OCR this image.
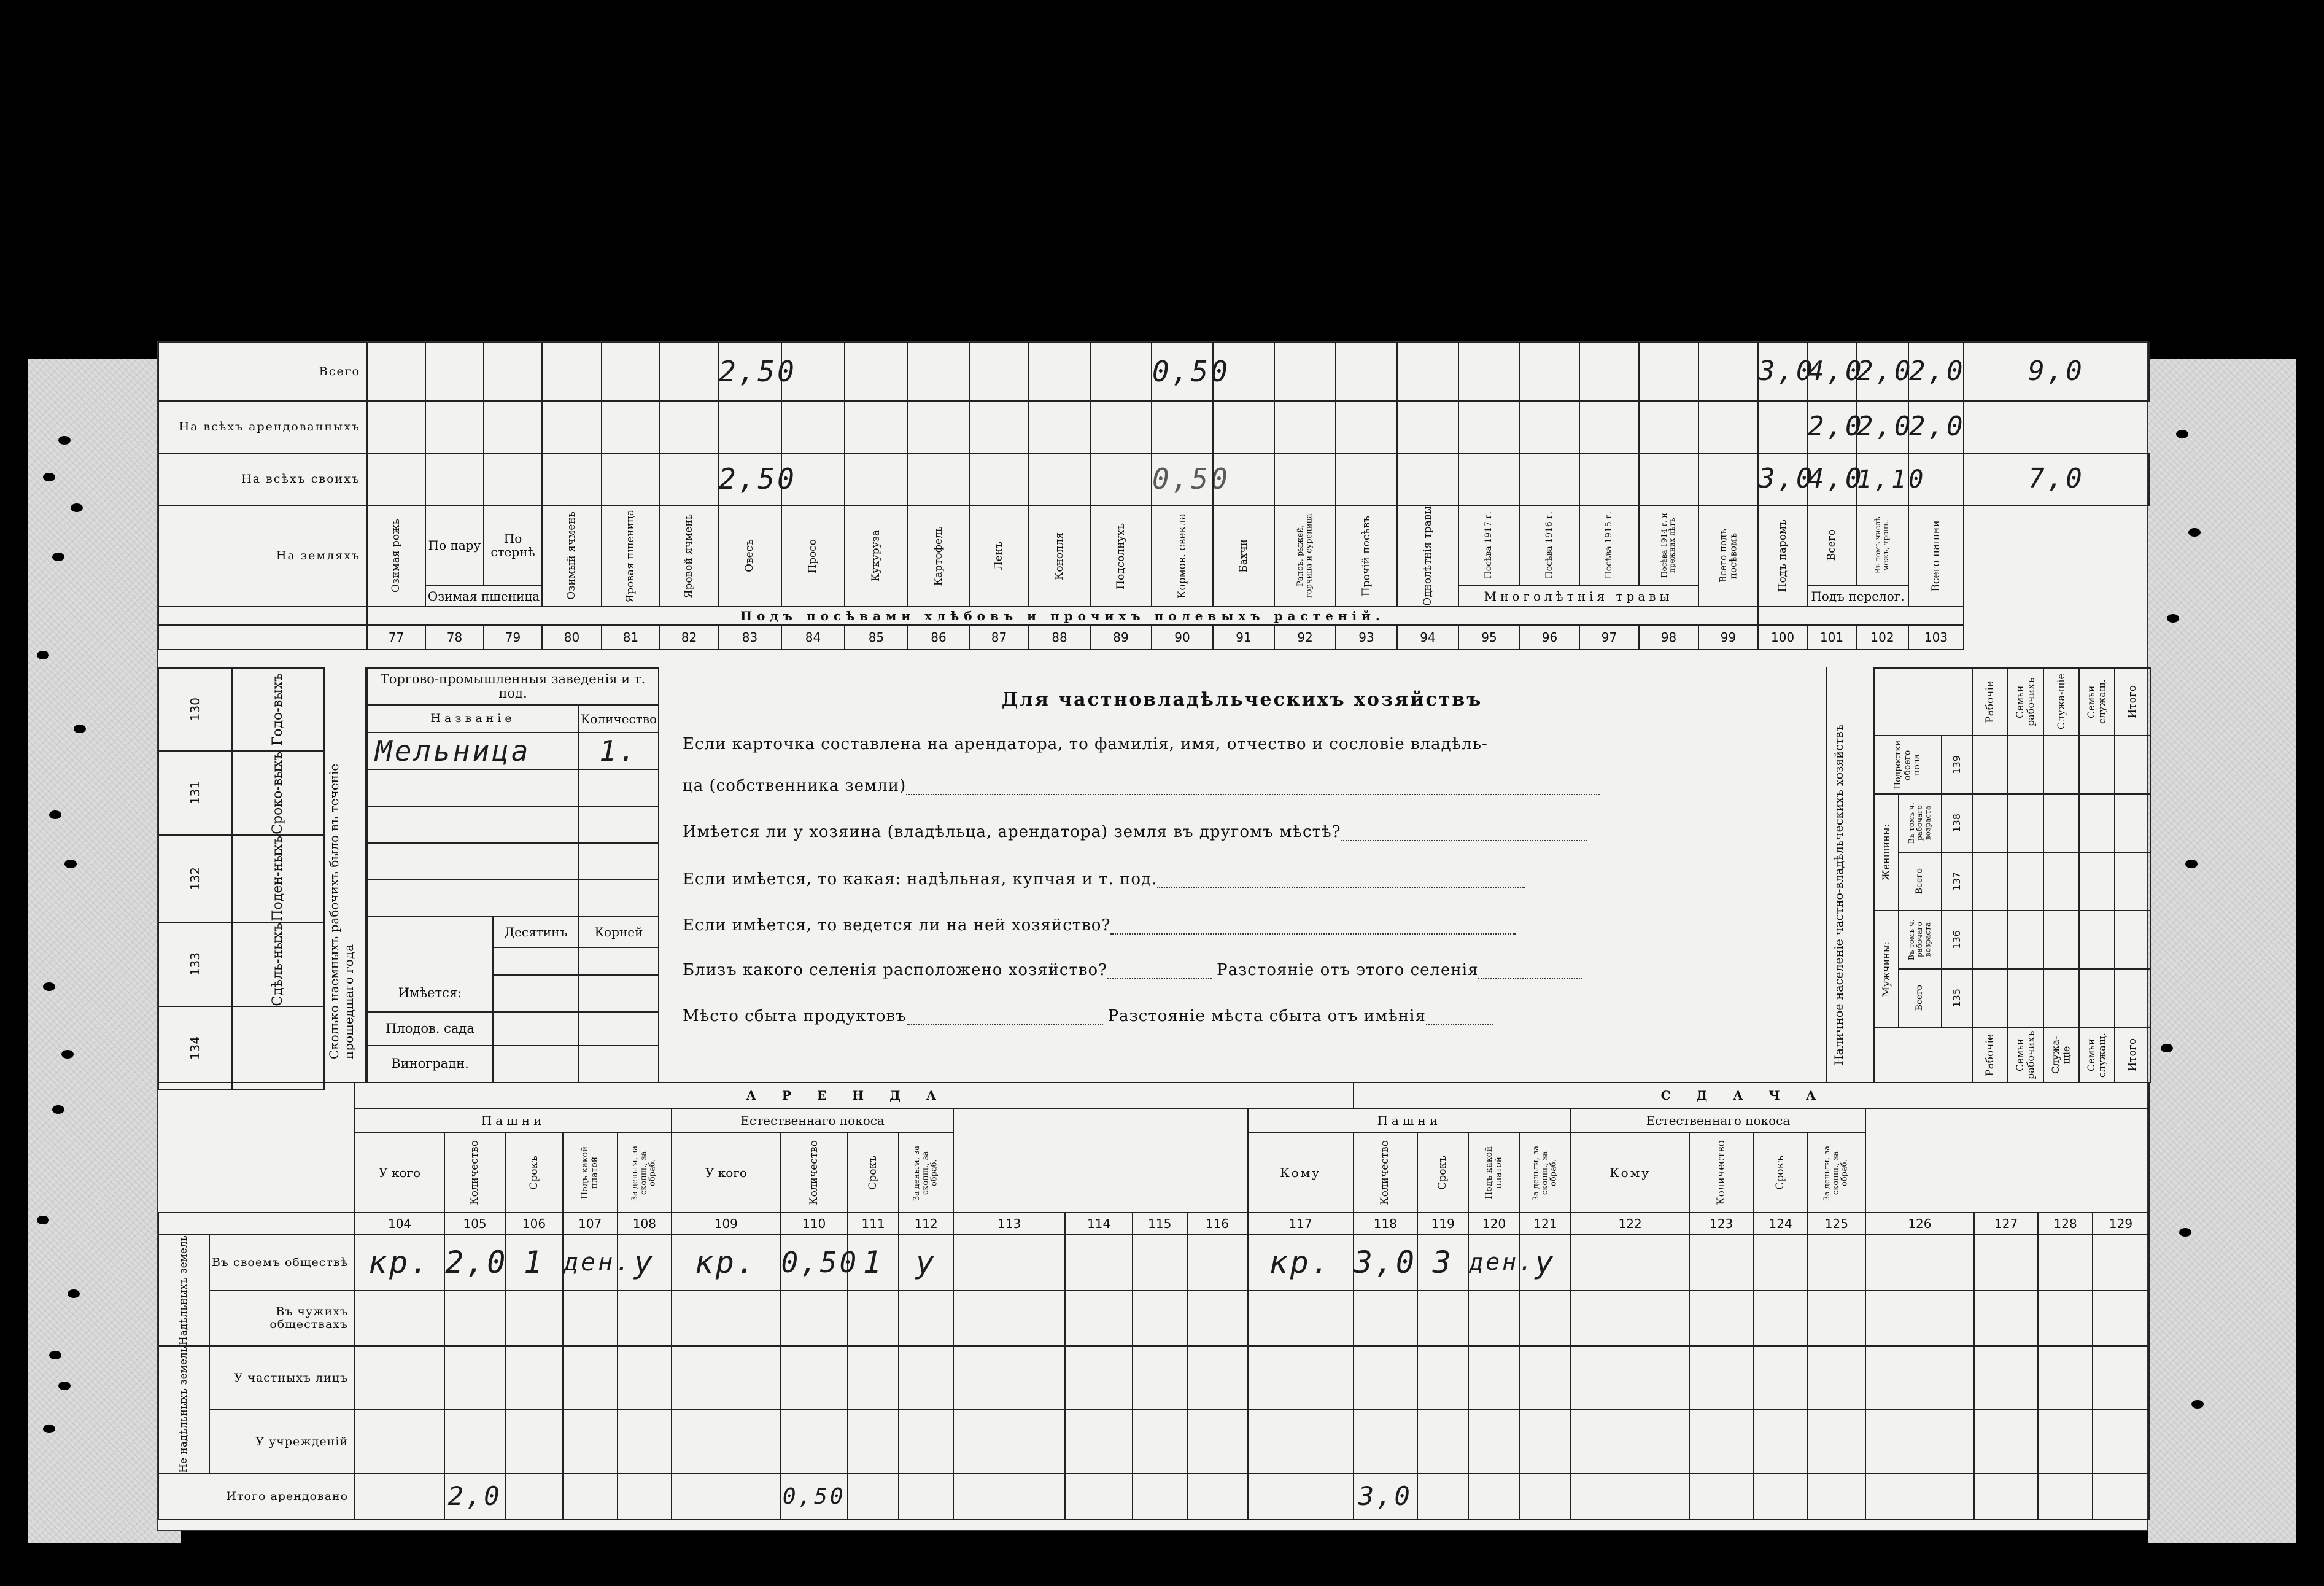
Всего							2,50							0,50										3,0	4,0	2,0	2,0	9,0
На всѣхъ арендованныхъ																									2,0	2,0	2,0	
На всѣхъ своихъ							2,50							0,50										3,0	4,0	1,10		7,0
На земляхъ	Озимая рожь	По пару	По стернѣ	Озимый ячмень	Яровая пшеница	Яровой ячмень	Овесъ	Просо	Кукуруза	Картофель	Ленъ	Конопля	Подсолнухъ	Кормов. свекла	Бахчи	Рапсъ, рыжей, горчица и сурепица	Прочiй посѣвъ	Однолѣтнiя травы	Посѣва 1917 г.	Посѣва 1916 г.	Посѣва 1915 г.	Посѣва 1914 г. и прежних лѣтъ	Всего подъ посѣвомъ	Подъ паромъ	Всего	Въ томъ числѣ межъ, тропъ.	Всего пашни	

		Озимая пшеница																	Многолѣтнiя травы						Подъ перелог.			
	Подъ посѣвами хлѣбовъ и прочихъ полевыхъ растеній.																											
	77	78	79	80	81	82	83	84	85	86	87	88	89	90	91	92	93	94	95	96	97	98	99	100	101	102	103	
130	Годо-выхъ

131	Сроко-выхъ

132	Поден-ныхъ

133	Сдѣль-ныхъ

134	
		Сколько наемныхъ рабочихъ было въ теченіе прошедшаго года
Торгово-промышленныя заведенiя и т. под.	
Названіе	Количество
Мельница	1.

	Десятинъ	Корней

Имѣется:		
Плодов. сада		
Виноградн.		
Для частновладѣльческихъ хозяйствъ
Если карточка составлена на арендатора, то фамилія, имя, отчество и сословіе владѣль-
ца (собственника земли)
Имѣется ли у хозяина (владѣльца, арендатора) земля въ другомъ мѣстѣ?
Если имѣется, то какая: надѣльная, купчая и т. под.
Если имѣется, то ведется ли на ней хозяйство?
Близъ какого селенія расположено хозяйство?	Разстояніе отъ этого селенія
Мѣсто сбыта продуктовъ	Разстояніе мѣста сбыта отъ имѣнія	Наличное населеніе частно-владѣльческихъ хозяйствъ

			Рабочіе	Семьи рабочихъ	Служа-щіе	Семьи служащ.	Итого

Подростки обоего пола		139					

Женщины:	Въ томъ ч. рабочаго возраста	138					

	Всего	137					

Мужчины:	Въ томъ ч. рабочаго возраста	136					

	Всего	135					

			Рабочіе	Семьи рабочихъ	Служа-щіе	Семьи служащ.	Итого
		АРЕНДА														СДАЧА											
		Пашни					Естественнаго покоса								Пашни					Естественнаго покоса							
		У кого	Количество	Срокъ	Подъ какой платой	За деньги, за скопщ., за обраб.	У кого	Количество	Срокъ	За деньги, за скопщ., за обраб.					Кому	Количество	Срокъ	Подъ какой платой	За деньги, за скопщ., за обраб.	Кому	Количество	Срокъ	За деньги, за скопщ., за обраб.				

		104	105	106	107	108	109	110	111	112	113	114	115	116	117	118	119	120	121	122	123	124	125	126	127	128	129

Надѣльныхъ земель	Въ своемъ обществѣ	кр.	2,0	1	ден.	у	кр.	0,50	1	у					кр.	3,0	3	ден.	у								
	Въ чужихъ обществахъ																										

Не надѣльныхъ земель	У частныхъ лицъ																										
	У учрежденій																										
Итого арендовано			2,0					0,50								3,0											
